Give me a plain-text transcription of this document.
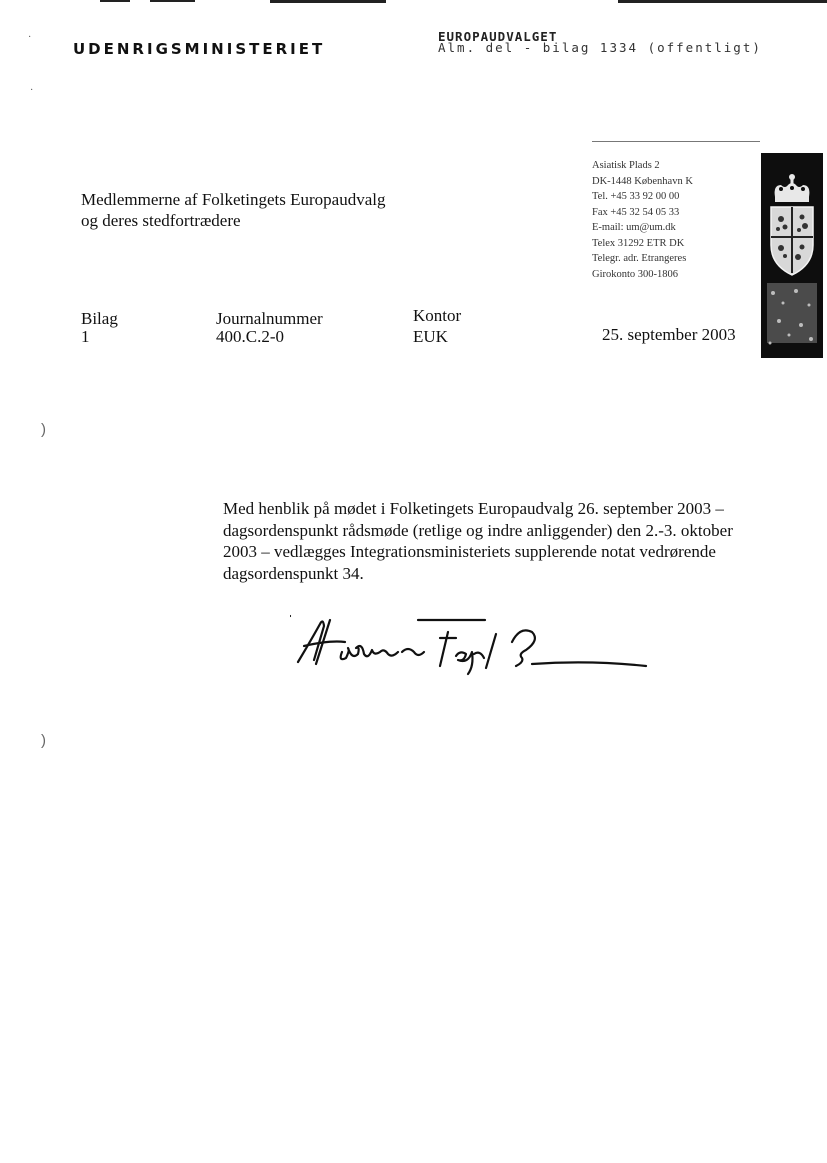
·
·
UDENRIGSMINISTERIET
EUROPAUDVALGET
Alm. del - bilag 1334 (offentligt)
Asiatisk Plads 2
DK-1448 København K
Tel. +45 33 92 00 00
Fax +45 32 54 05 33
E-mail: um@um.dk
Telex 31292 ETR DK
Telegr. adr. Etrangeres
Girokonto 300-1806
Medlemmerne af Folketingets Europaudvalg
og deres stedfortrædere
Bilag
1
Journalnummer
400.C.2-0
Kontor
EUK	25. september 2003
)
)
Med henblik på mødet i Folketingets Europaudvalg 26. september 2003 –
dagsordenspunkt rådsmøde (retlige og indre anliggender) den 2.-3. oktober
2003 – vedlægges Integrationsministeriets supplerende notat vedrørende
dagsordenspunkt 34.
